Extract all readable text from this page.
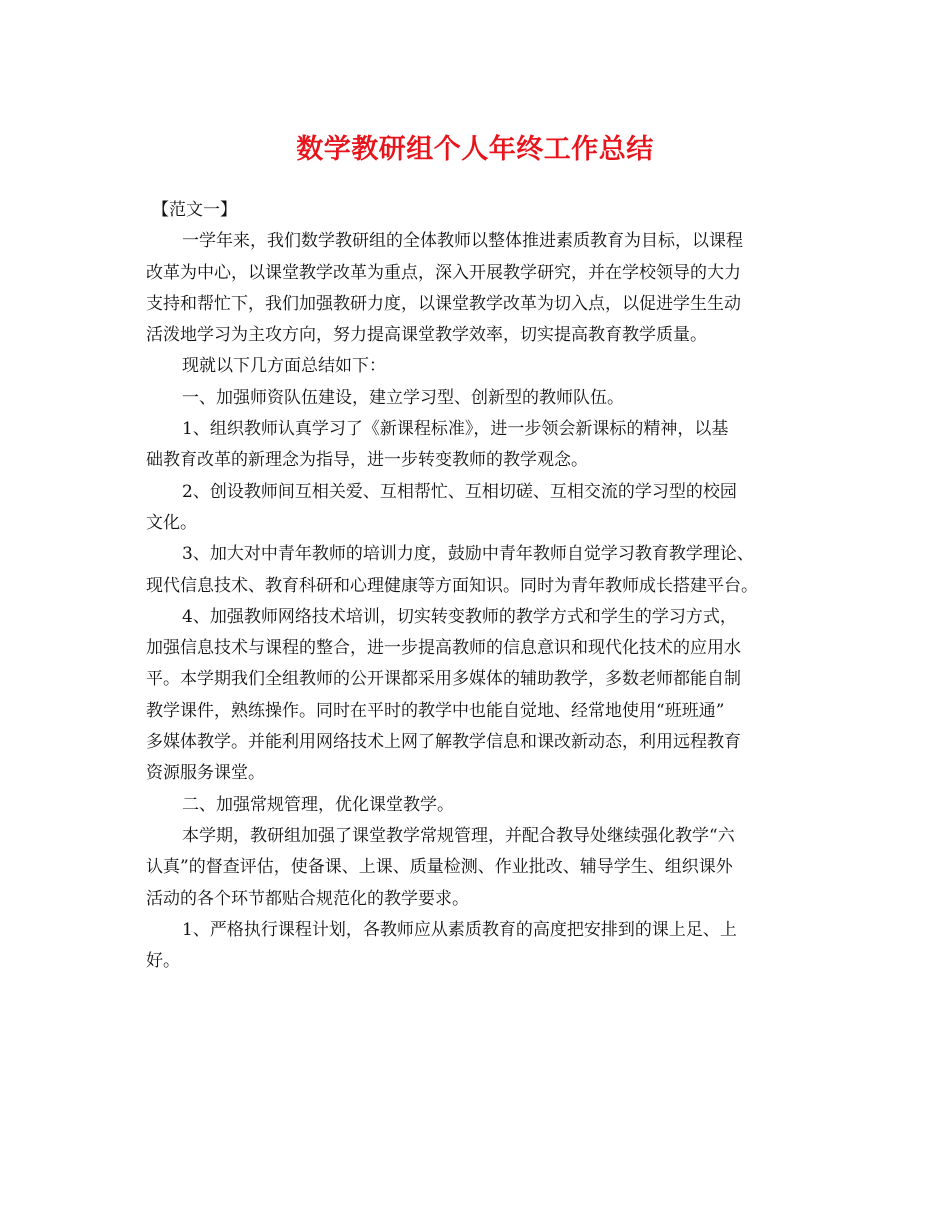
数学教研组个人年终工作总结
【范文一】
一学年来，我们数学教研组的全体教师以整体推进素质教育为目标，以课程
改革为中心，以课堂教学改革为重点，深入开展教学研究，并在学校领导的大力
支持和帮忙下，我们加强教研力度，以课堂教学改革为切入点，以促进学生生动
活泼地学习为主攻方向，努力提高课堂教学效率，切实提高教育教学质量。
现就以下几方面总结如下：
一、加强师资队伍建设，建立学习型、创新型的教师队伍。
1、组织教师认真学习了《新课程标准》，进一步领会新课标的精神，以基
础教育改革的新理念为指导，进一步转变教师的教学观念。
2、创设教师间互相关爱、互相帮忙、互相切磋、互相交流的学习型的校园
文化。
3、加大对中青年教师的培训力度，鼓励中青年教师自觉学习教育教学理论、
现代信息技术、教育科研和心理健康等方面知识。同时为青年教师成长搭建平台。
4、加强教师网络技术培训，切实转变教师的教学方式和学生的学习方式，
加强信息技术与课程的整合，进一步提高教师的信息意识和现代化技术的应用水
平。本学期我们全组教师的公开课都采用多媒体的辅助教学，多数老师都能自制
教学课件，熟练操作。同时在平时的教学中也能自觉地、经常地使用“班班通”
多媒体教学。并能利用网络技术上网了解教学信息和课改新动态，利用远程教育
资源服务课堂。
二、加强常规管理，优化课堂教学。
本学期，教研组加强了课堂教学常规管理，并配合教导处继续强化教学“六
认真”的督查评估，使备课、上课、质量检测、作业批改、辅导学生、组织课外
活动的各个环节都贴合规范化的教学要求。
1、严格执行课程计划，各教师应从素质教育的高度把安排到的课上足、上
好。
